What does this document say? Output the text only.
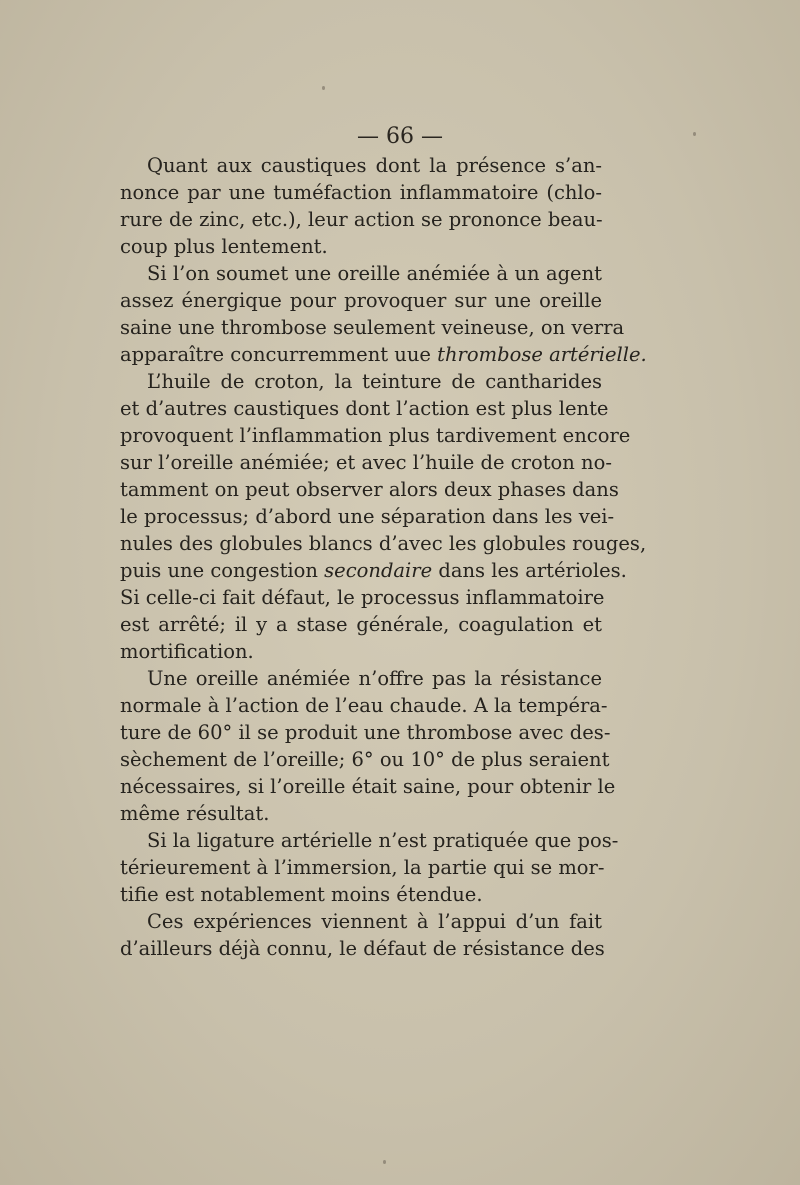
— 66 —
Quant aux caustiques dont la présence s’an-
nonce par une tuméfaction inflammatoire (chlo-
rure de zinc, etc.), leur action se prononce beau-
coup plus lentement.
Si l’on soumet une oreille anémiée à un agent
assez énergique pour provoquer sur une oreille
saine une thrombose seulement veineuse, on verra
apparaître concurremment uue thrombose artérielle.
L’huile de croton, la teinture de cantharides
et d’autres caustiques dont l’action est plus lente
provoquent l’inflammation plus tardivement encore
sur l’oreille anémiée; et avec l’huile de croton no-
tamment on peut observer alors deux phases dans
le processus; d’abord une séparation dans les vei-
nules des globules blancs d’avec les globules rouges,
puis une congestion secondaire dans les artérioles.
Si celle-ci fait défaut, le processus inflammatoire
est arrêté; il y a stase générale, coagulation et
mortification.
Une oreille anémiée n’offre pas la résistance
normale à l’action de l’eau chaude. A la tempéra-
ture de 60° il se produit une thrombose avec des-
sèchement de l’oreille; 6° ou 10° de plus seraient
nécessaires, si l’oreille était saine, pour obtenir le
même résultat.
Si la ligature artérielle n’est pratiquée que pos-
térieurement à l’immersion, la partie qui se mor-
tifie est notablement moins étendue.
Ces expériences viennent à l’appui d’un fait
d’ailleurs déjà connu, le défaut de résistance des
